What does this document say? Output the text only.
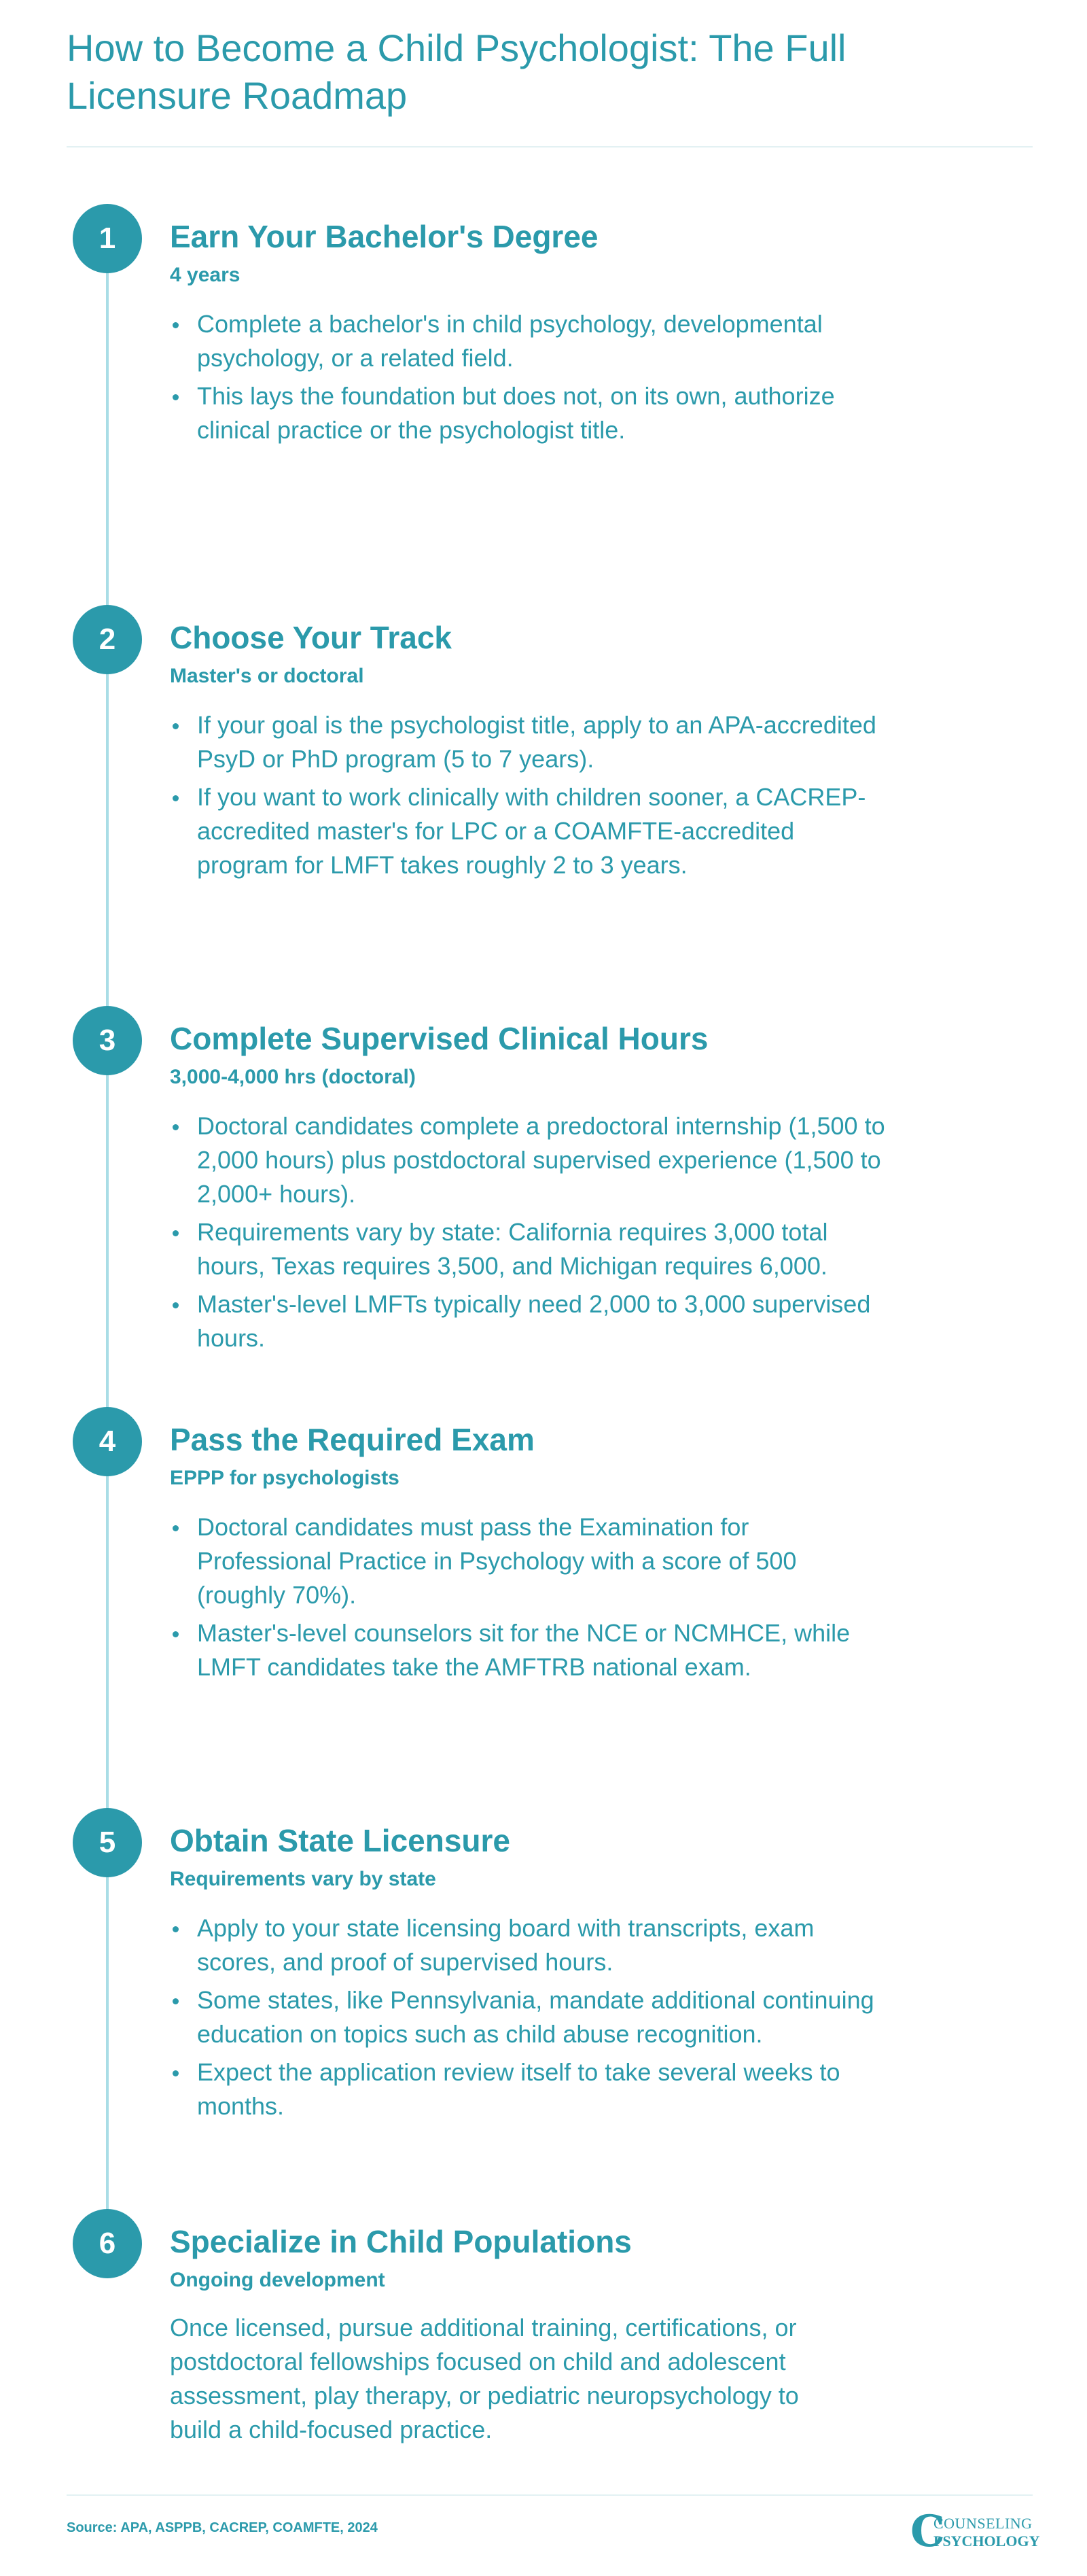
How to Become a Child Psychologist: The Full Licensure Roadmap
1	Earn Your Bachelor's Degree
4 years
Complete a bachelor's in child psychology, developmental psychology, or a related field.
This lays the foundation but does not, on its own, authorize clinical practice or the psychologist title.
2	Choose Your Track
Master's or doctoral
If your goal is the psychologist title, apply to an APA-accredited PsyD or PhD program (5 to 7 years).
If you want to work clinically with children sooner, a CACREP-accredited master's for LPC or a COAMFTE-accredited program for LMFT takes roughly 2 to 3 years.
3	Complete Supervised Clinical Hours
3,000-4,000 hrs (doctoral)
Doctoral candidates complete a predoctoral internship (1,500 to 2,000 hours) plus postdoctoral supervised experience (1,500 to 2,000+ hours).
Requirements vary by state: California requires 3,000 total hours, Texas requires 3,500, and Michigan requires 6,000.
Master's-level LMFTs typically need 2,000 to 3,000 supervised hours.
4	Pass the Required Exam
EPPP for psychologists
Doctoral candidates must pass the Examination for Professional Practice in Psychology with a score of 500 (roughly 70%).
Master's-level counselors sit for the NCE or NCMHCE, while LMFT candidates take the AMFTRB national exam.
5	Obtain State Licensure
Requirements vary by state
Apply to your state licensing board with transcripts, exam scores, and proof of supervised hours.
Some states, like Pennsylvania, mandate additional continuing education on topics such as child abuse recognition.
Expect the application review itself to take several weeks to months.
6	Specialize in Child Populations
Ongoing development

Once licensed, pursue additional training, certifications, or postdoctoral fellowships focused on child and adolescent assessment, play therapy, or pediatric neuropsychology to build a child-focused practice.

Source: APA, ASPPB, CACREP, COAMFTE, 2024	C
COUNSELING
PSYCHOLOGY
